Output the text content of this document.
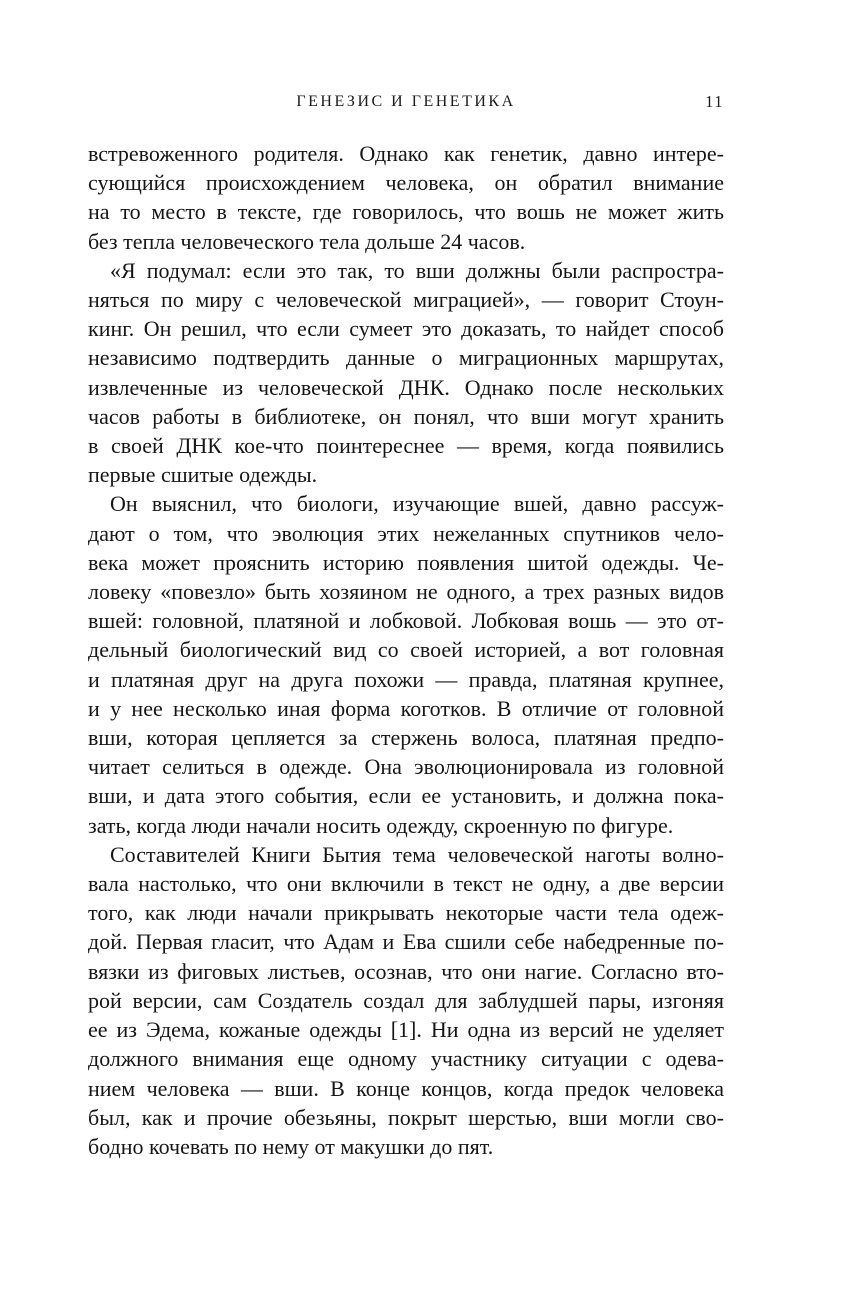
ГЕНЕЗИС И ГЕНЕТИКА	11
встревоженного родителя. Однако как генетик, давно интере-
сующийся происхождением человека, он обратил внимание
на то место в тексте, где говорилось, что вошь не может жить
без тепла человеческого тела дольше 24 часов.
«Я подумал: если это так, то вши должны были распростра-
няться по миру с человеческой миграцией», — говорит Стоун-
кинг. Он решил, что если сумеет это доказать, то найдет способ
независимо подтвердить данные о миграционных маршрутах,
извлеченные из человеческой ДНК. Однако после нескольких
часов работы в библиотеке, он понял, что вши могут хранить
в своей ДНК кое-что поинтереснее — время, когда появились
первые сшитые одежды.
Он выяснил, что биологи, изучающие вшей, давно рассуж-
дают о том, что эволюция этих нежеланных спутников чело-
века может прояснить историю появления шитой одежды. Че-
ловеку «повезло» быть хозяином не одного, а трех разных видов
вшей: головной, платяной и лобковой. Лобковая вошь — это от-
дельный биологический вид со своей историей, а вот головная
и платяная друг на друга похожи — правда, платяная крупнее,
и у нее несколько иная форма коготков. В отличие от головной
вши, которая цепляется за стержень волоса, платяная предпо-
читает селиться в одежде. Она эволюционировала из головной
вши, и дата этого события, если ее установить, и должна пока-
зать, когда люди начали носить одежду, скроенную по фигуре.
Составителей Книги Бытия тема человеческой наготы волно-
вала настолько, что они включили в текст не одну, а две версии
того, как люди начали прикрывать некоторые части тела одеж-
дой. Первая гласит, что Адам и Ева сшили себе набедренные по-
вязки из фиговых листьев, осознав, что они нагие. Согласно вто-
рой версии, сам Создатель создал для заблудшей пары, изгоняя
ее из Эдема, кожаные одежды [1]. Ни одна из версий не уделяет
должного внимания еще одному участнику ситуации с одева-
нием человека — вши. В конце концов, когда предок человека
был, как и прочие обезьяны, покрыт шерстью, вши могли сво-
бодно кочевать по нему от макушки до пят.
